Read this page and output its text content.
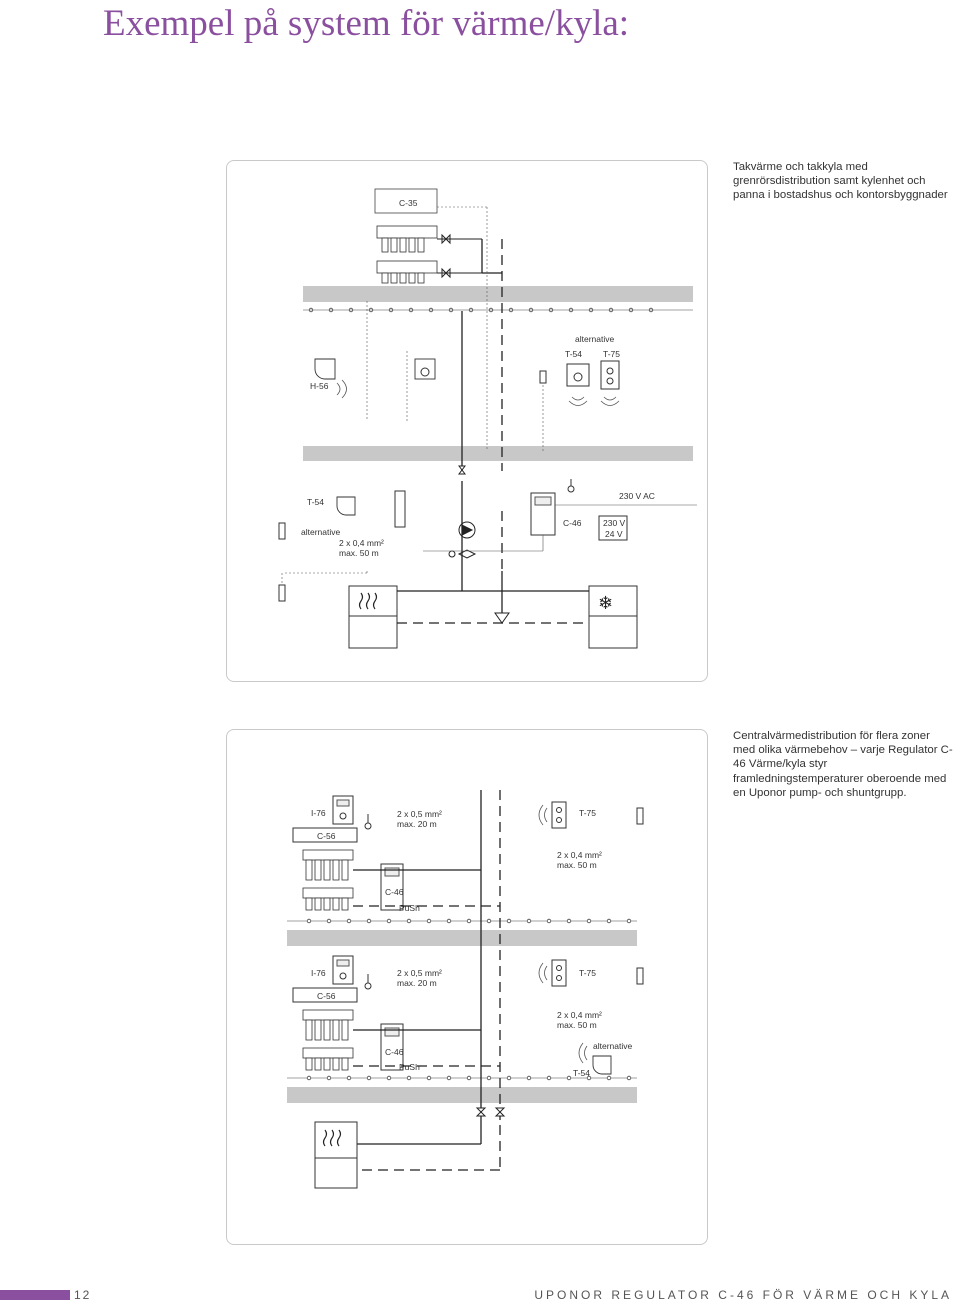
Exempel på system för värme/kyla:
Takvärme och takkyla med grenrörsdistribution samt kylenhet och panna i bostadshus och kontorsbyggnader
Centralvärmedistribution för flera zoner med olika värmebehov – varje Regulator C-46 Värme/kyla styr framledningstemperaturer oberoende med en Uponor pump- och shuntgrupp.
C-35
alternative
T-54 T-75
H-56
T-54
alternative
2 x 0,4 mm²
max. 50 m
C-46
230 V AC
230 V
24 V
❄
I-76
C-56
2 x 0,5 mm²
max. 20 m
T-75
2 x 0,4 mm²
max. 50 m
C-46
PuSh
I-76
C-56
2 x 0,5 mm²
max. 20 m
T-75
2 x 0,4 mm²
max. 50 m
alternative
T-54
C-46
PuSh
12	UPONOR REGULATOR C-46 FÖR VÄRME OCH KYLA
